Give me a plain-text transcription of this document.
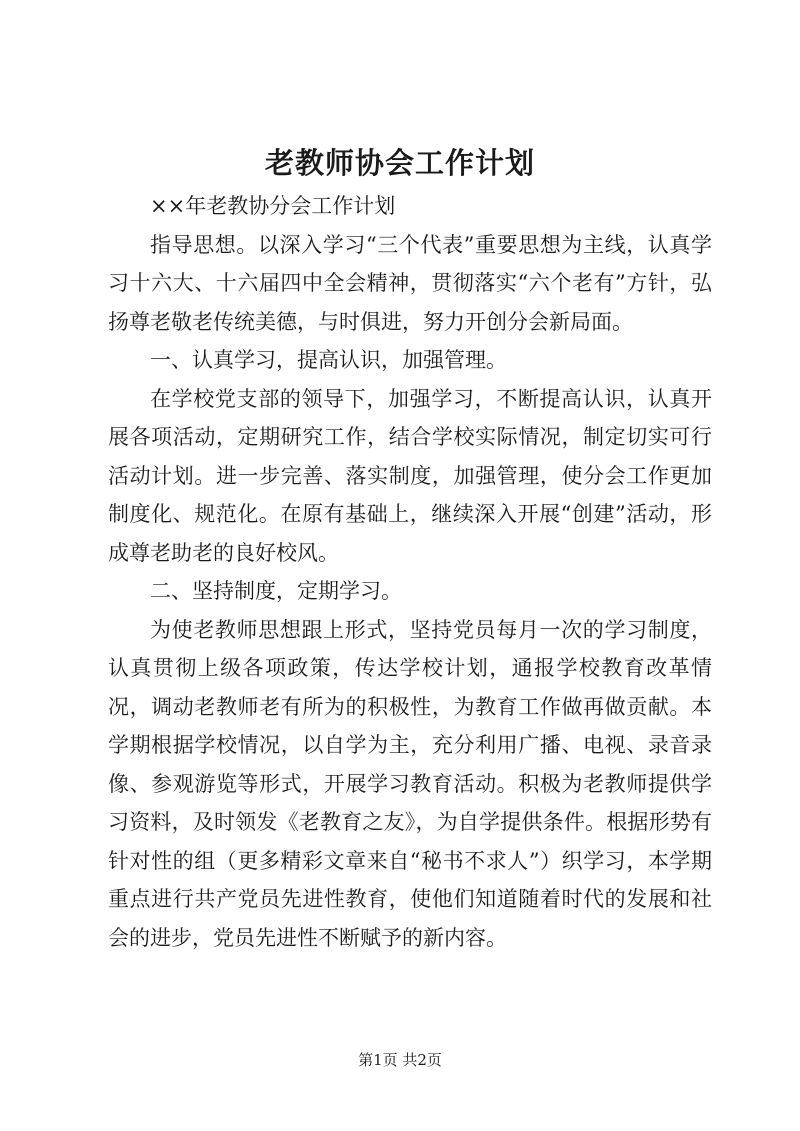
老教师协会工作计划

××年老教协分会工作计划

指导思想。以深入学习“三个代表”重要思想为主线，认真学习十六大、十六届四中全会精神，贯彻落实“六个老有”方针，弘扬尊老敬老传统美德，与时俱进，努力开创分会新局面。

一、认真学习，提高认识，加强管理。

在学校党支部的领导下，加强学习，不断提高认识，认真开展各项活动，定期研究工作，结合学校实际情况，制定切实可行活动计划。进一步完善、落实制度，加强管理，使分会工作更加制度化、规范化。在原有基础上，继续深入开展“创建”活动，形成尊老助老的良好校风。

二、坚持制度，定期学习。

为使老教师思想跟上形式，坚持党员每月一次的学习制度，认真贯彻上级各项政策，传达学校计划，通报学校教育改革情况，调动老教师老有所为的积极性，为教育工作做再做贡献。本学期根据学校情况，以自学为主，充分利用广播、电视、录音录像、参观游览等形式，开展学习教育活动。积极为老教师提供学习资料，及时领发《老教育之友》，为自学提供条件。根据形势有针对性的组（更多精彩文章来自“秘书不求人”）织学习，本学期重点进行共产党员先进性教育，使他们知道随着时代的发展和社会的进步，党员先进性不断赋予的新内容。

第1页 共2页
